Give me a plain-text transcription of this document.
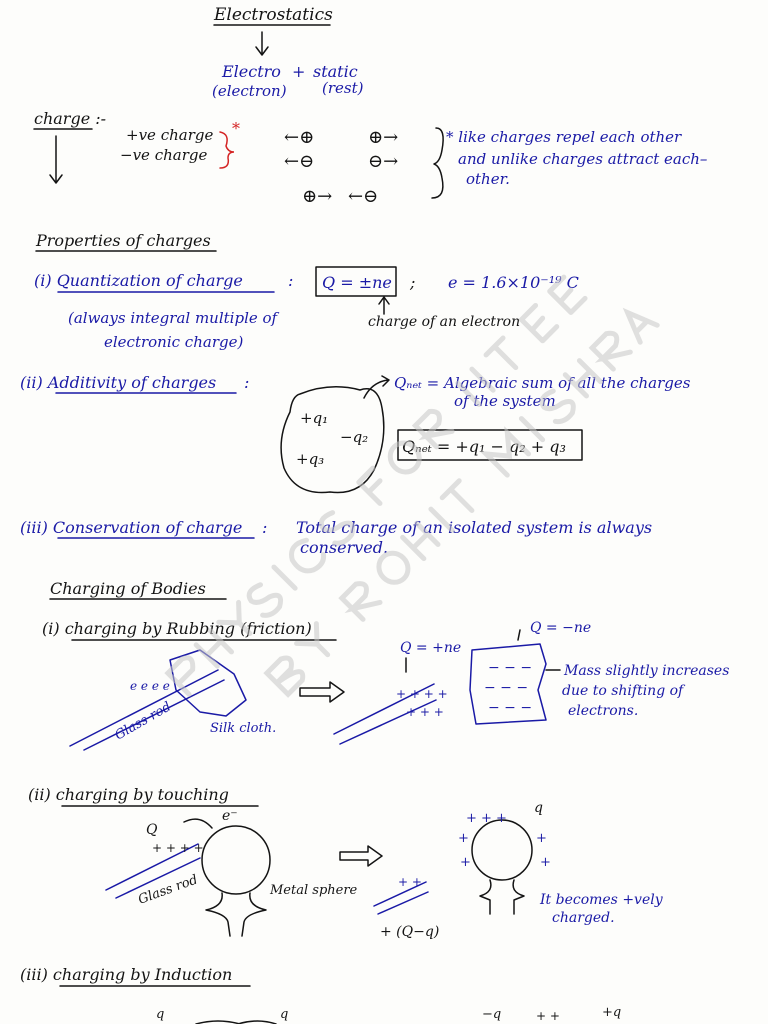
Electrostatics
Electro + static
(electron) (rest)
charge :-
+ve charge
−ve charge
* ←⊕	⊕→
←⊖	⊖→
⊕→ ←⊖
* like charges repel each other
and unlike charges attract each–
other.
Properties of charges
(i) Quantization of charge	: Q = ±ne ; e = 1.6×10⁻¹⁹ C
(always integral multiple of
electronic charge)
charge of an electron
(ii) Additivity of charges :
+q₁
−q₂
+q₃
Qₙₑₜ = Algebraic sum of all the charges
of the system
Qₙₑₜ = +q₁ − q₂ + q₃
(iii) Conservation of charge : Total charge of an isolated system is always
conserved.
Charging of Bodies
(i) charging by Rubbing (friction)
e e e e
Glass rod	Silk cloth.
+ + + +
+ + +
Q = +ne
− − −
− − −
− − −
Q = −ne
Mass slightly increases
due to shifting of
electrons.
(ii) charging by touching
+ + + +
Q
e⁻
Glass rod	Metal sphere
+ + +
+
+
+
+
q
+ +
+ (Q−q)
It becomes +vely
charged.
(iii) charging by Induction
q	q	−q	+q
+ +
